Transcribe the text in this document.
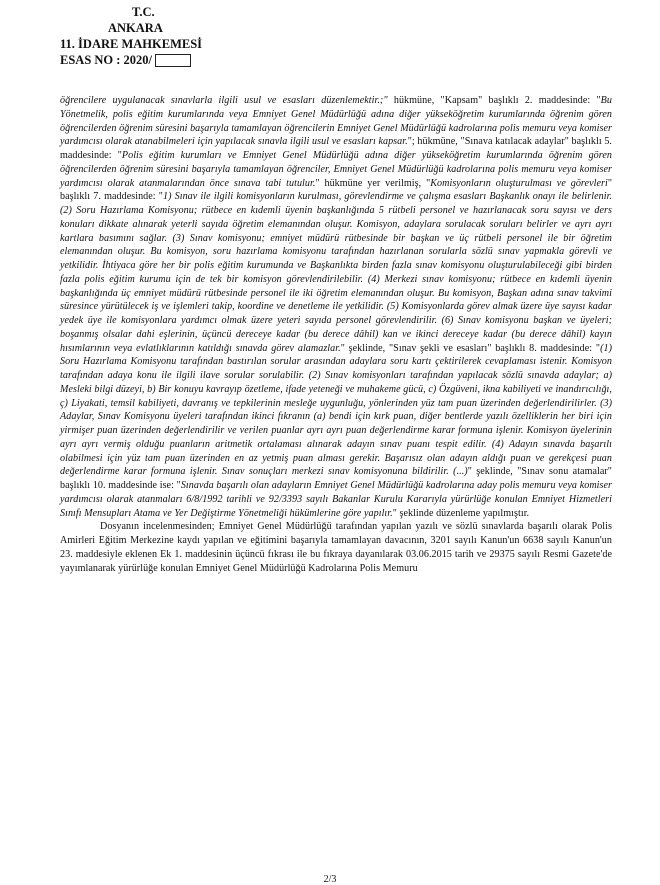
T.C.
ANKARA
11. İDARE MAHKEMESİ
ESAS NO : 2020/

öğrencilere uygulanacak sınavlarla ilgili usul ve esasları düzenlemektir.;" hükmüne, "Kapsam" başlıklı 2. maddesinde: "Bu Yönetmelik, polis eğitim kurumlarında veya Emniyet Genel Müdürlüğü adına diğer yükseköğretim kurumlarında öğrenim gören öğrencilerden öğrenim süresini başarıyla tamamlayan öğrencilerin Emniyet Genel Müdürlüğü kadrolarına polis memuru veya komiser yardımcısı olarak atanabilmeleri için yapılacak sınavla ilgili usul ve esasları kapsar."; hükmüne, "Sınava katılacak adaylar" başlıklı 5. maddesinde: "Polis eğitim kurumları ve Emniyet Genel Müdürlüğü adına diğer yükseköğretim kurumlarında öğrenim gören öğrencilerden öğrenim süresini başarıyla tamamlayan öğrenciler, Emniyet Genel Müdürlüğü kadrolarına polis memuru veya komiser yardımcısı olarak atanmalarından önce sınava tabi tutulur." hükmüne yer verilmiş, "Komisyonların oluşturulması ve görevleri" başlıklı 7. maddesinde: "1) Sınav ile ilgili komisyonların kurulması, görevlendirme ve çalışma esasları Başkanlık onayı ile belirlenir. (2) Soru Hazırlama Komisyonu; rütbece en kıdemli üyenin başkanlığında 5 rütbeli personel ve hazırlanacak soru sayısı ve ders konuları dikkate alınarak yeterli sayıda öğretim elemanından oluşur. Komisyon, adaylara sorulacak soruları belirler ve ayrı ayrı kartlara basımını sağlar. (3) Sınav komisyonu; emniyet müdürü rütbesinde bir başkan ve üç rütbeli personel ile bir öğretim elemanından oluşur. Bu komisyon, soru hazırlama komisyonu tarafından hazırlanan sorularla sözlü sınav yapmakla görevli ve yetkilidir. İhtiyaca göre her bir polis eğitim kurumunda ve Başkanlıkta birden fazla sınav komisyonu oluşturulabileceği gibi birden fazla polis eğitim kurumu için de tek bir komisyon görevlendirilebilir. (4) Merkezi sınav komisyonu; rütbece en kıdemli üyenin başkanlığında üç emniyet müdürü rütbesinde personel ile iki öğretim elemanından oluşur. Bu komisyon, Başkan adına sınav takvimi süresince yürütülecek iş ve işlemleri takip, koordine ve denetleme ile yetkilidir. (5) Komisyonlarda görev almak üzere üye sayısı kadar yedek üye ile komisyonlara yardımcı olmak üzere yeteri sayıda personel görevlendirilir. (6) Sınav komisyonu başkan ve üyeleri; boşanmış olsalar dahi eşlerinin, üçüncü dereceye kadar (bu derece dâhil) kan ve ikinci dereceye kadar (bu derece dâhil) kayın hısımlarının veya evlatlıklarının katıldığı sınavda görev alamazlar." şeklinde, "Sınav şekli ve esasları" başlıklı 8. maddesinde: "(1) Soru Hazırlama Komisyonu tarafından bastırılan sorular arasından adaylara soru kartı çektirilerek cevaplaması istenir. Komisyon tarafından adaya konu ile ilgili ilave sorular sorulabilir. (2) Sınav komisyonları tarafından yapılacak sözlü sınavda adaylar; a) Mesleki bilgi düzeyi, b) Bir konuyu kavrayıp özetleme, ifade yeteneği ve muhakeme gücü, c) Özgüveni, ikna kabiliyeti ve inandırıcılığı, ç) Liyakati, temsil kabiliyeti, davranış ve tepkilerinin mesleğe uygunluğu, yönlerinden yüz tam puan üzerinden değerlendirilirler. (3) Adaylar, Sınav Komisyonu üyeleri tarafından ikinci fıkranın (a) bendi için kırk puan, diğer bentlerde yazılı özelliklerin her biri için yirmişer puan üzerinden değerlendirilir ve verilen puanlar ayrı ayrı puan değerlendirme karar formuna işlenir. Komisyon üyelerinin ayrı ayrı vermiş olduğu puanların aritmetik ortalaması alınarak adayın sınav puanı tespit edilir. (4) Adayın sınavda başarılı olabilmesi için yüz tam puan üzerinden en az yetmiş puan alması gerekir. Başarısız olan adayın aldığı puan ve gerekçesi puan değerlendirme karar formuna işlenir. Sınav sonuçları merkezi sınav komisyonuna bildirilir. (...)" şeklinde, "Sınav sonu atamalar" başlıklı 10. maddesinde ise: "Sınavda başarılı olan adayların Emniyet Genel Müdürlüğü kadrolarına aday polis memuru veya komiser yardımcısı olarak atanmaları 6/8/1992 tarihli ve 92/3393 sayılı Bakanlar Kurulu Kararıyla yürürlüğe konulan Emniyet Hizmetleri Sınıfı Mensupları Atama ve Yer Değiştirme Yönetmeliği hükümlerine göre yapılır." şeklinde düzenleme yapılmıştır.

Dosyanın incelenmesinden; Emniyet Genel Müdürlüğü tarafından yapılan yazılı ve sözlü sınavlarda başarılı olarak Polis Amirleri Eğitim Merkezine kaydı yapılan ve eğitimini başarıyla tamamlayan davacının, 3201 sayılı Kanun'un 6638 sayılı Kanun'un 23. maddesiyle eklenen Ek 1. maddesinin üçüncü fıkrası ile bu fıkraya dayanılarak 03.06.2015 tarih ve 29375 sayılı Resmi Gazete'de yayımlanarak yürürlüğe konulan Emniyet Genel Müdürlüğü Kadrolarına Polis Memuru

2/3
